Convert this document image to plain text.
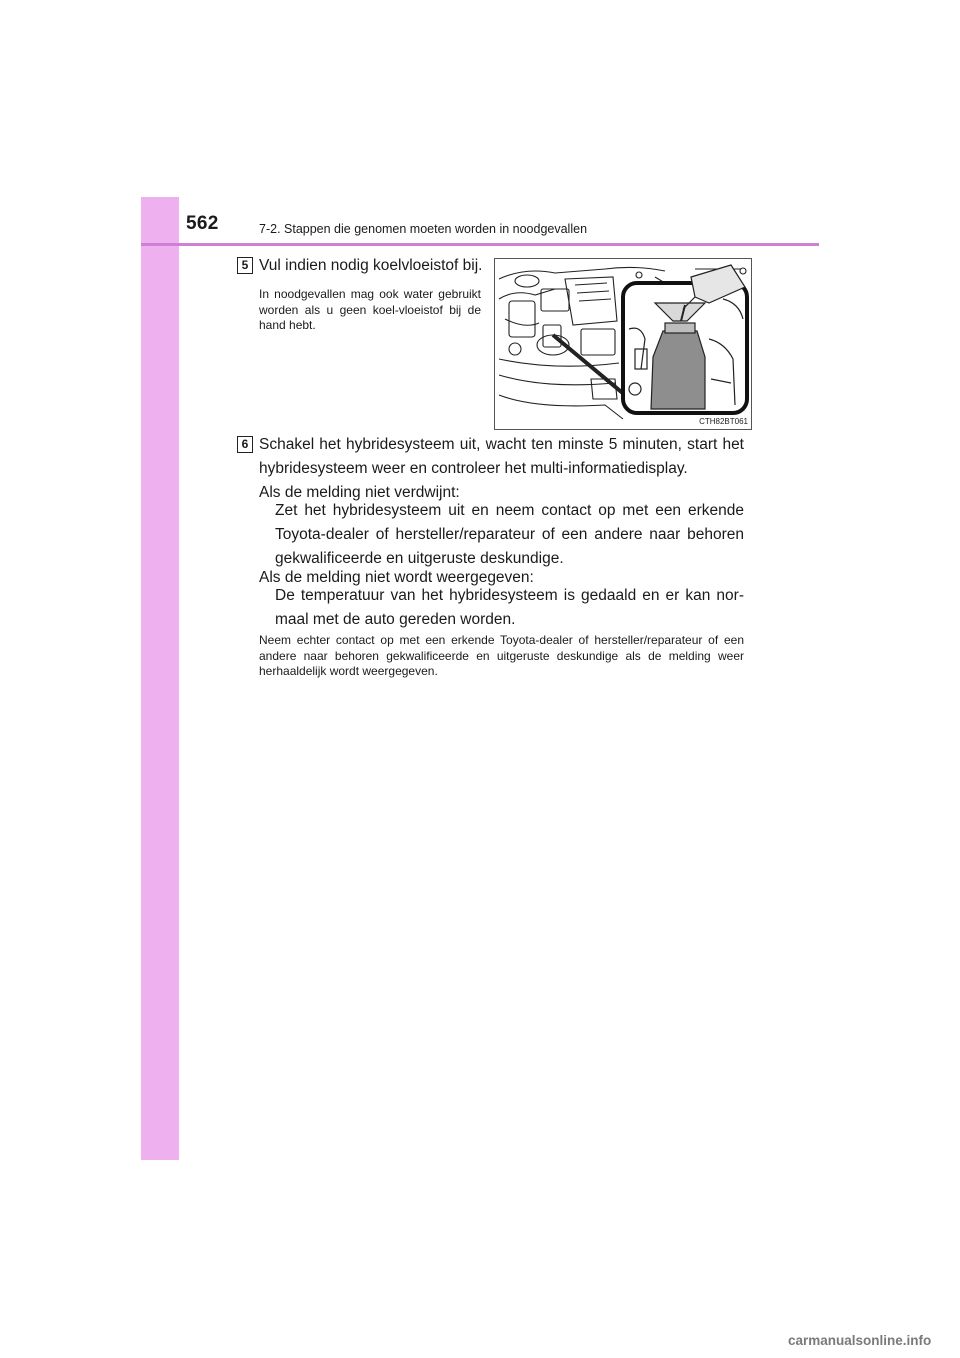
562	7-2. Stappen die genomen moeten worden in noodgevallen
5 Vul indien nodig koelvloeistof bij.

In noodgevallen mag ook water gebruikt worden als u geen koel-vloeistof bij de hand hebt.

CTH82BT061
6 Schakel het hybridesysteem uit, wacht ten minste 5 minuten, start het hybridesysteem weer en controleer het multi-informatiedisplay.

Als de melding niet verdwijnt:

Zet het hybridesysteem uit en neem contact op met een erkende Toyota-dealer of hersteller/reparateur of een andere naar behoren gekwalificeerde en uitgeruste deskundige.

Als de melding niet wordt weergegeven:

De temperatuur van het hybridesysteem is gedaald en er kan nor-maal met de auto gereden worden.

Neem echter contact op met een erkende Toyota-dealer of hersteller/reparateur of een andere naar behoren gekwalificeerde en uitgeruste deskundige als de melding weer herhaaldelijk wordt weergegeven.

carmanualsonline.info
